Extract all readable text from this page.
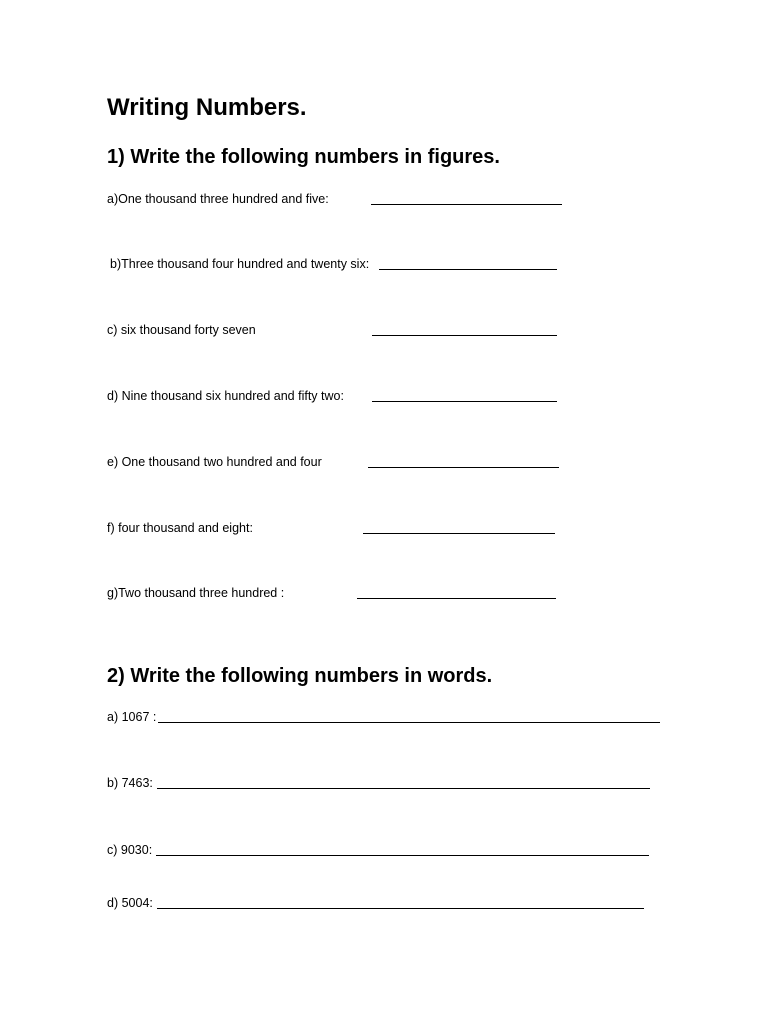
Writing Numbers.
1) Write the following numbers in figures.
a)One thousand three hundred and five:
b)Three thousand four hundred and twenty six:
c) six thousand forty seven
d) Nine thousand six hundred and fifty two:
e) One thousand two hundred and four
f) four thousand and eight:
g)Two thousand three hundred :
2) Write the following numbers in words.
a) 1067 :
b) 7463:
c) 9030:
d) 5004:
